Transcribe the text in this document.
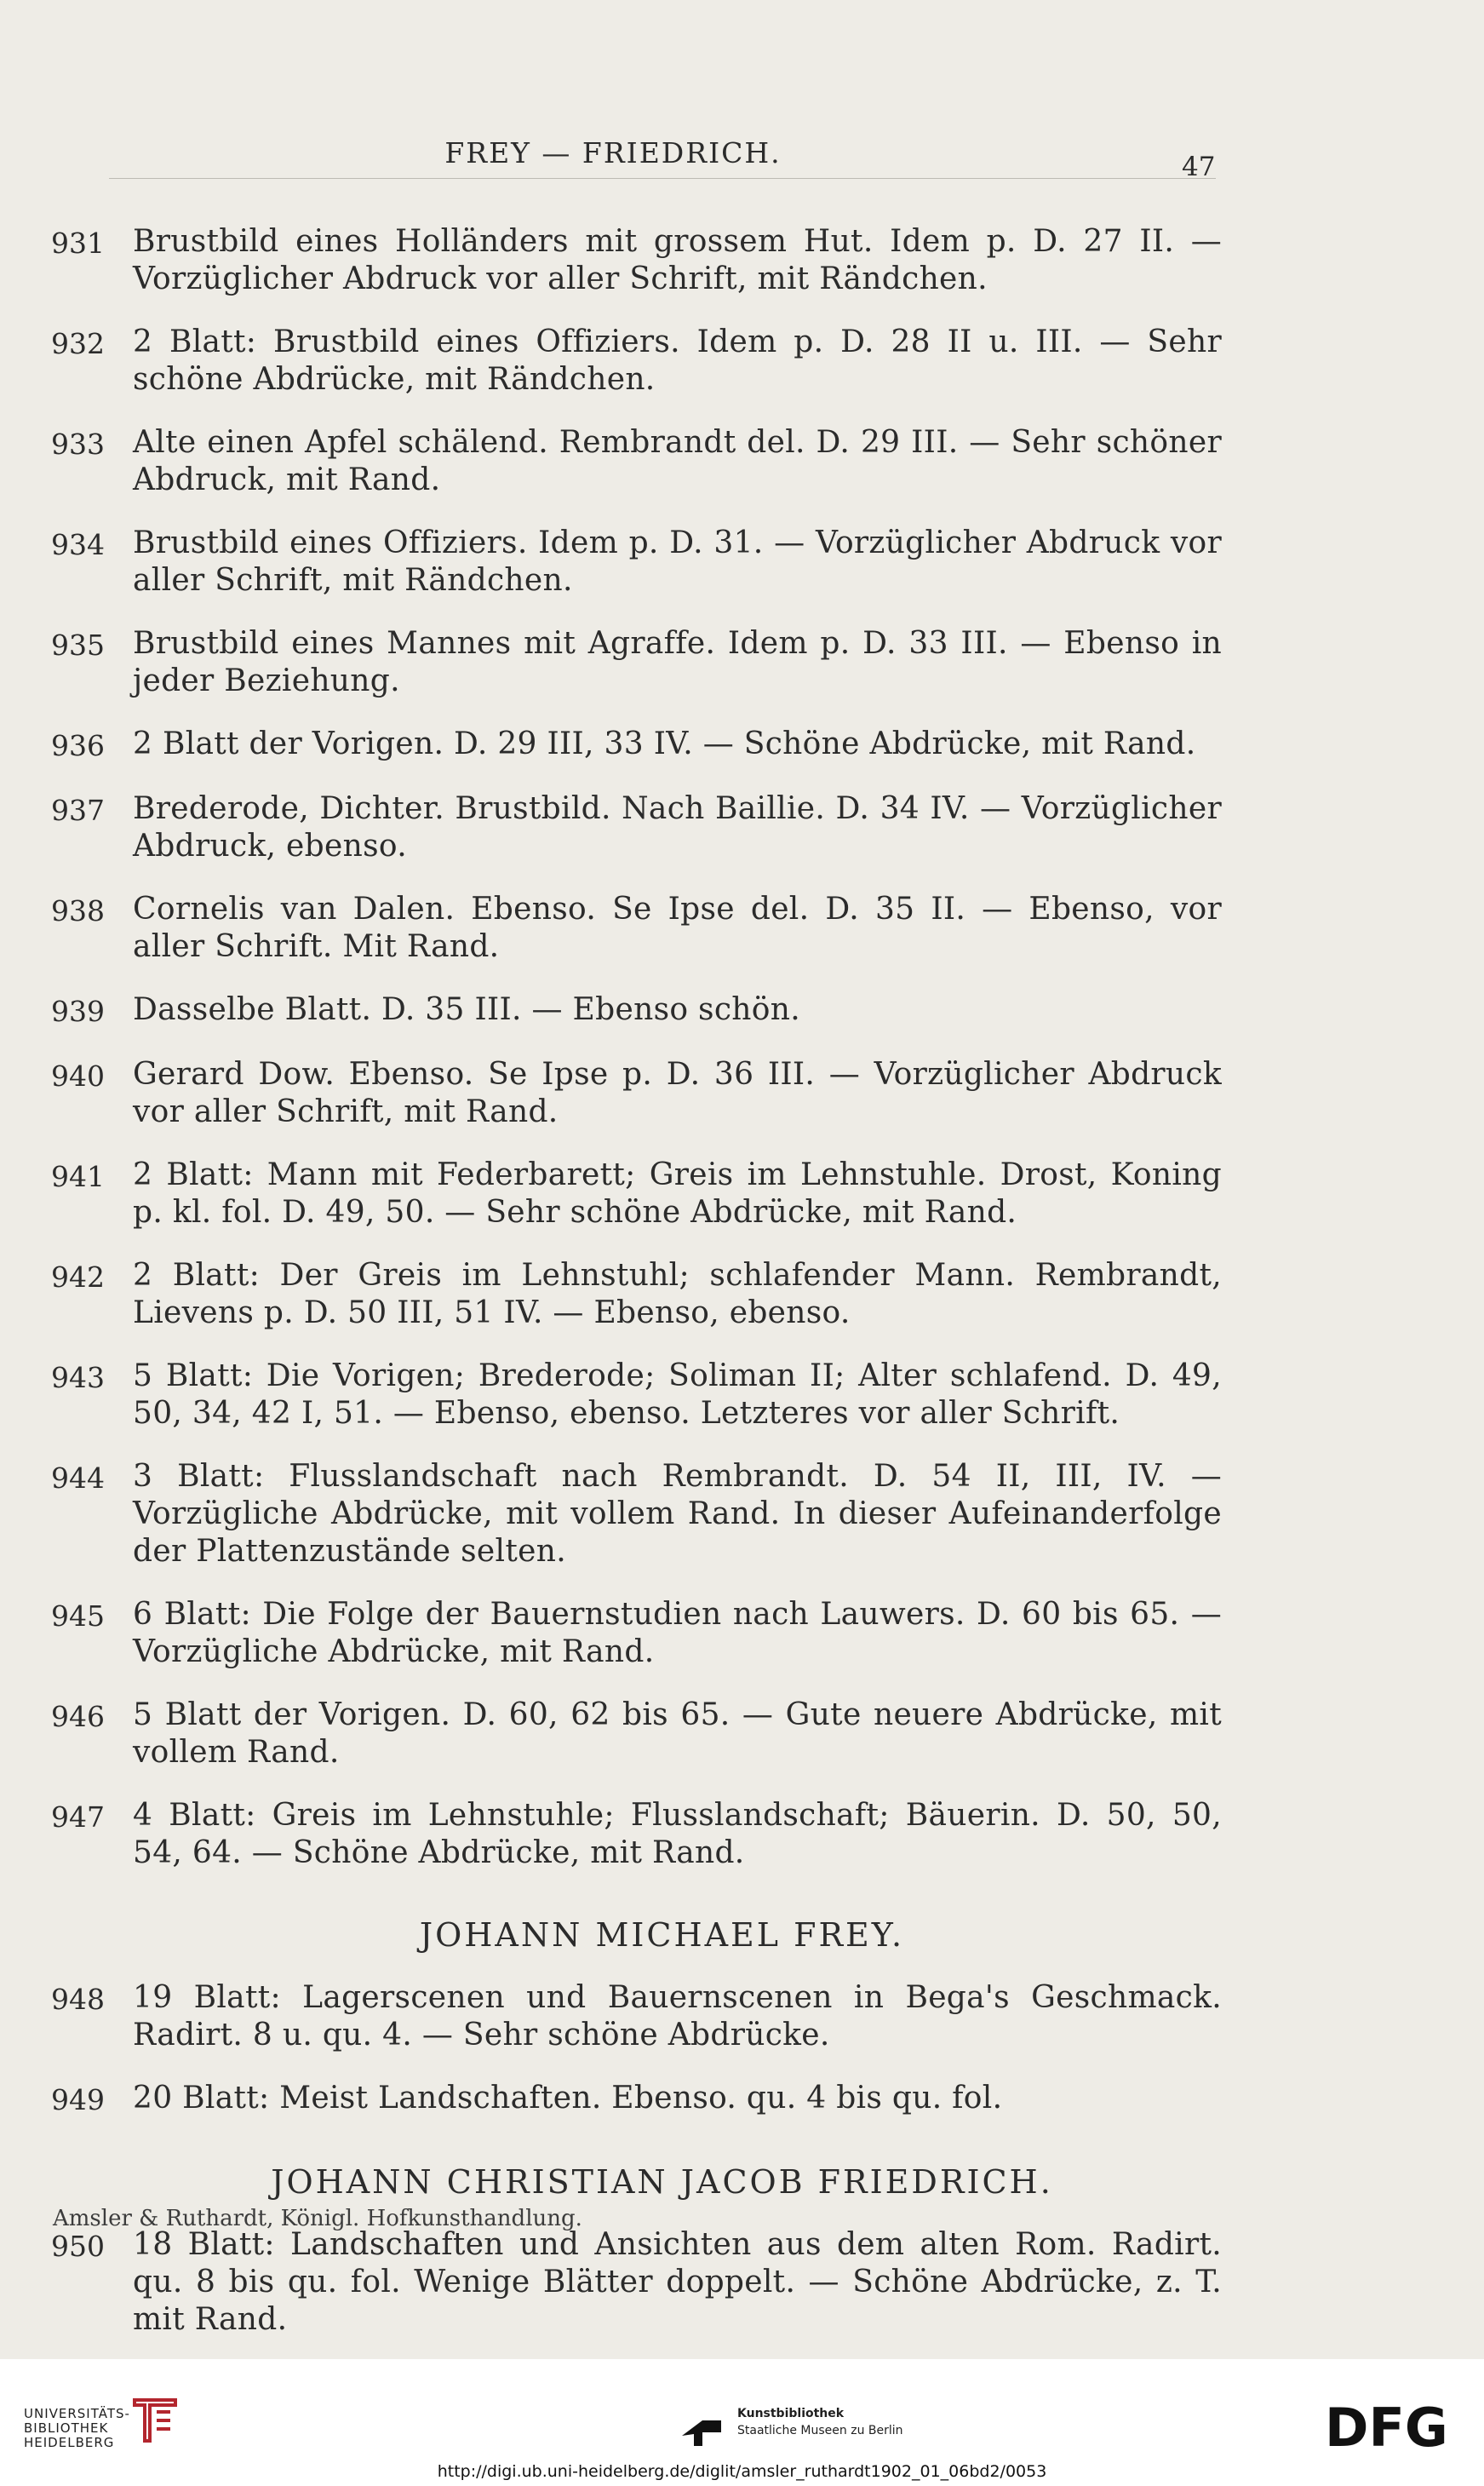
FREY — FRIEDRICH.	47
931 Brustbild eines Holländers mit grossem Hut. Idem p. D. 27 II. — Vorzüglicher Abdruck vor aller Schrift, mit Rändchen.
932 2 Blatt: Brustbild eines Offiziers. Idem p. D. 28 II u. III. — Sehr schöne Abdrücke, mit Rändchen.
933 Alte einen Apfel schälend. Rembrandt del. D. 29 III. — Sehr schöner Abdruck, mit Rand.
934 Brustbild eines Offiziers. Idem p. D. 31. — Vorzüglicher Abdruck vor aller Schrift, mit Rändchen.
935 Brustbild eines Mannes mit Agraffe. Idem p. D. 33 III. — Ebenso in jeder Beziehung.
936 2 Blatt der Vorigen. D. 29 III, 33 IV. — Schöne Abdrücke, mit Rand.
937 Brederode, Dichter. Brustbild. Nach Baillie. D. 34 IV. — Vorzüglicher Abdruck, ebenso.
938 Cornelis van Dalen. Ebenso. Se Ipse del. D. 35 II. — Ebenso, vor aller Schrift. Mit Rand.
939 Dasselbe Blatt. D. 35 III. — Ebenso schön.
940 Gerard Dow. Ebenso. Se Ipse p. D. 36 III. — Vorzüglicher Abdruck vor aller Schrift, mit Rand.
941 2 Blatt: Mann mit Federbarett; Greis im Lehnstuhle. Drost, Koning p. kl. fol. D. 49, 50. — Sehr schöne Abdrücke, mit Rand.
942 2 Blatt: Der Greis im Lehnstuhl; schlafender Mann. Rembrandt, Lievens p. D. 50 III, 51 IV. — Ebenso, ebenso.
943 5 Blatt: Die Vorigen; Brederode; Soliman II; Alter schlafend. D. 49, 50, 34, 42 I, 51. — Ebenso, ebenso. Letzteres vor aller Schrift.
944 3 Blatt: Flusslandschaft nach Rembrandt. D. 54 II, III, IV. — Vorzügliche Abdrücke, mit vollem Rand. In dieser Aufeinanderfolge der Plattenzustände selten.
945 6 Blatt: Die Folge der Bauernstudien nach Lauwers. D. 60 bis 65. — Vorzügliche Abdrücke, mit Rand.
946 5 Blatt der Vorigen. D. 60, 62 bis 65. — Gute neuere Abdrücke, mit vollem Rand.
947 4 Blatt: Greis im Lehnstuhle; Flusslandschaft; Bäuerin. D. 50, 50, 54, 64. — Schöne Abdrücke, mit Rand.
JOHANN MICHAEL FREY.
948 19 Blatt: Lagerscenen und Bauernscenen in Bega's Geschmack. Radirt. 8 u. qu. 4. — Sehr schöne Abdrücke.
949 20 Blatt: Meist Landschaften. Ebenso. qu. 4 bis qu. fol.
JOHANN CHRISTIAN JACOB FRIEDRICH.
950 18 Blatt: Landschaften und Ansichten aus dem alten Rom. Radirt. qu. 8 bis qu. fol. Wenige Blätter doppelt. — Schöne Abdrücke, z. T. mit Rand.
Amsler & Ruthardt, Königl. Hofkunsthandlung.
UNIVERSITÄTS-
BIBLIOTHEK
HEIDELBERG
Kunstbibliothek
Staatliche Museen zu Berlin	DFG
http://digi.ub.uni-heidelberg.de/diglit/amsler_ruthardt1902_01_06bd2/0053
